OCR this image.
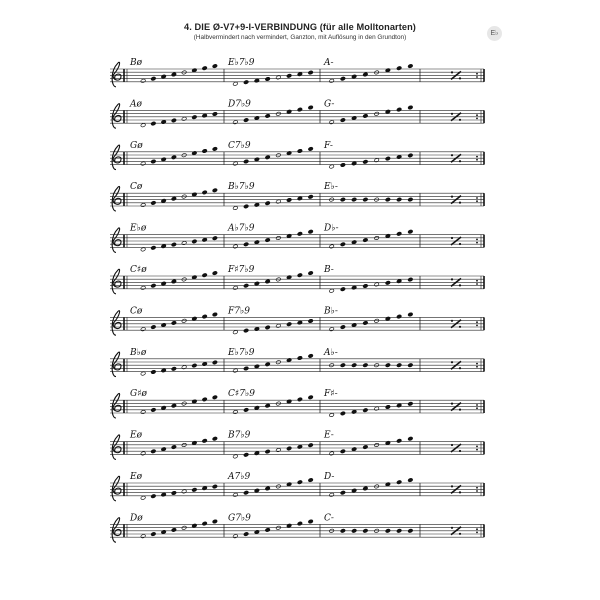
4. DIE Ø-V7+9-I-VERBINDUNG (für alle Molltonarten)
(Halbvermindert nach vermindert, Ganzton, mit Auflösung in den Grundton)
E♭
Bø	E♭7♭9	A-
Aø	D7♭9	G-
Gø	C7♭9	F-
Cø	B♭7♭9	E♭-
E♭ø	A♭7♭9	D♭-
C♯ø	F♯7♭9	B-
Cø	F7♭9	B♭-
B♭ø	E♭7♭9	A♭-
G♯ø	C♯7♭9	F♯-
Eø	B7♭9	E-
Eø	A7♭9	D-
Dø	G7♭9	C-
